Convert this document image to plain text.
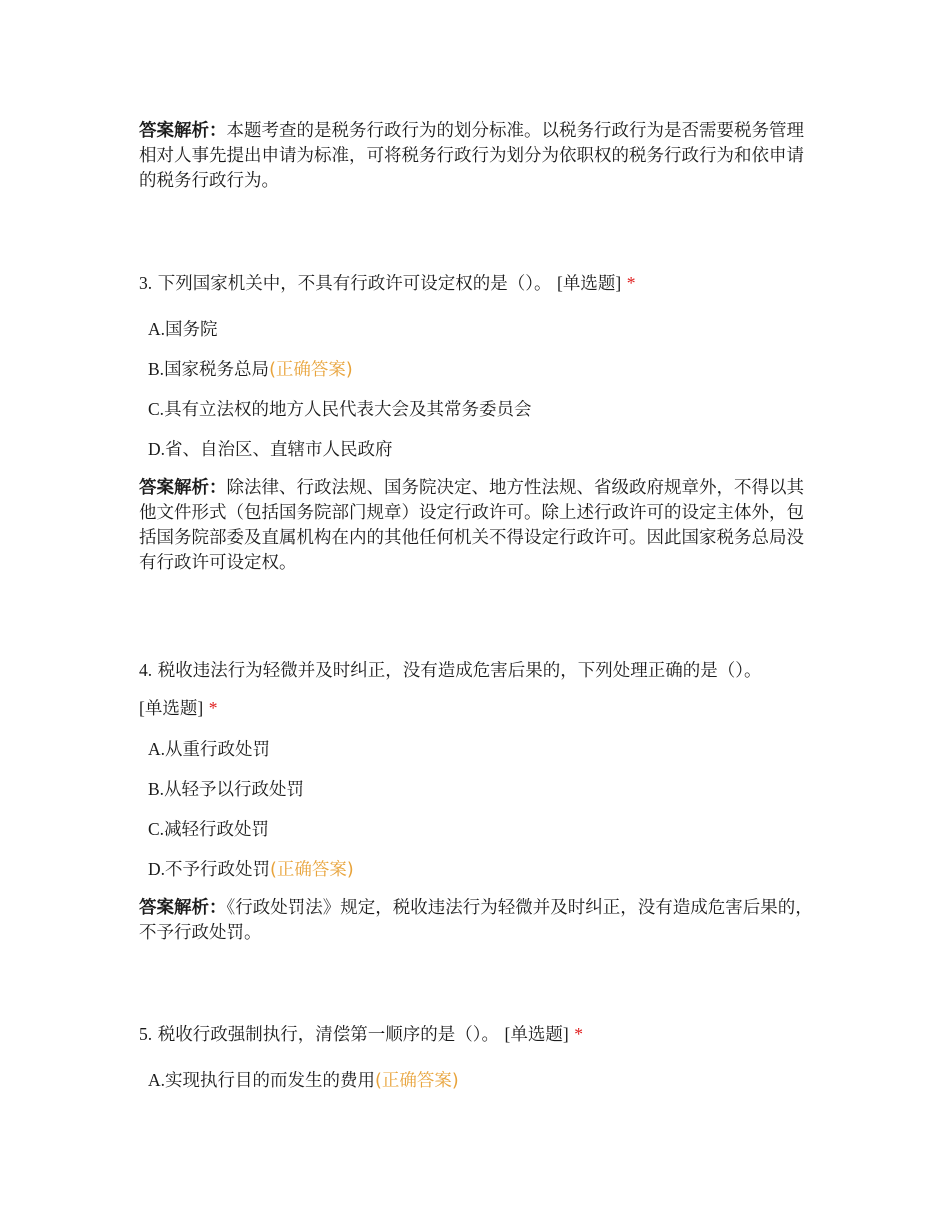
答案解析：本题考查的是税务行政行为的划分标准。以税务行政行为是否需要税务管理相对人事先提出申请为标准，可将税务行政行为划分为依职权的税务行政行为和依申请的税务行政行为。
3. 下列国家机关中，不具有行政许可设定权的是（）。 [单选题] *
A.国务院
B.国家税务总局(正确答案)
C.具有立法权的地方人民代表大会及其常务委员会
D.省、自治区、直辖市人民政府
答案解析：除法律、行政法规、国务院决定、地方性法规、省级政府规章外，不得以其他文件形式（包括国务院部门规章）设定行政许可。除上述行政许可的设定主体外，包括国务院部委及直属机构在内的其他任何机关不得设定行政许可。因此国家税务总局没有行政许可设定权。
4. 税收违法行为轻微并及时纠正，没有造成危害后果的，下列处理正确的是（）。
[单选题] *
A.从重行政处罚
B.从轻予以行政处罚
C.减轻行政处罚
D.不予行政处罚(正确答案)
答案解析：《行政处罚法》规定，税收违法行为轻微并及时纠正，没有造成危害后果的，不予行政处罚。
5. 税收行政强制执行，清偿第一顺序的是（）。 [单选题] *
A.实现执行目的而发生的费用(正确答案)
